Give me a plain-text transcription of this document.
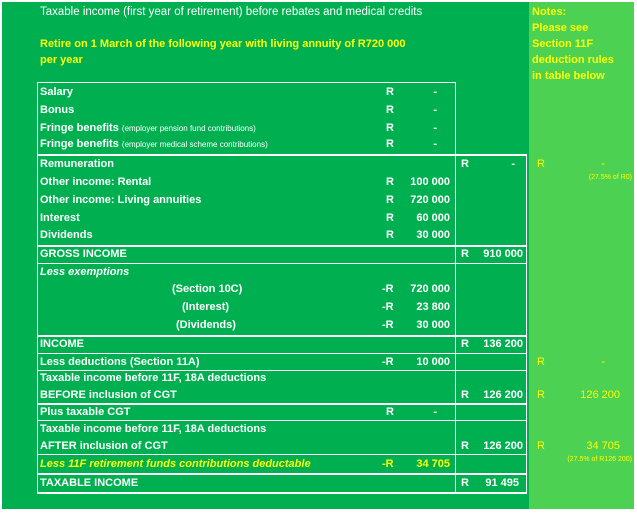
Taxable income (first year of retirement) before rebates and medical credits
Retire on 1 March of the following year with living annuity of R720 000
per year
Notes:
Please see
Section 11F
deduction rules
in table below
Salary	R	-
Bonus	R	-
Fringe benefits (employer pension fund contributions)	R	-
Fringe benefits (employer medical scheme contributions)	R	-
Remuneration	R	- R	-
(27.5% of R0)
Other income: Rental	R	100 000
Other income: Living annuities	R	720 000
Interest	R	60 000
Dividends	R	30 000
GROSS INCOME	R	910 000
Less exemptions
(Section 10C)	-R	720 000
(Interest)	-R	23 800
(Dividends)	-R	30 000
INCOME	R	136 200
Less deductions (Section 11A)	-R	10 000	R	-
Taxable income before 11F, 18A deductions
BEFORE inclusion of CGT	R	126 200 R	126 200
Plus taxable CGT	R	-
Taxable income before 11F, 18A deductions
AFTER inclusion of CGT	R	126 200 R	34 705
(27.5% of R126 200)
Less 11F retirement funds contributions deductable	-R	34 705
TAXABLE INCOME	R	91 495
